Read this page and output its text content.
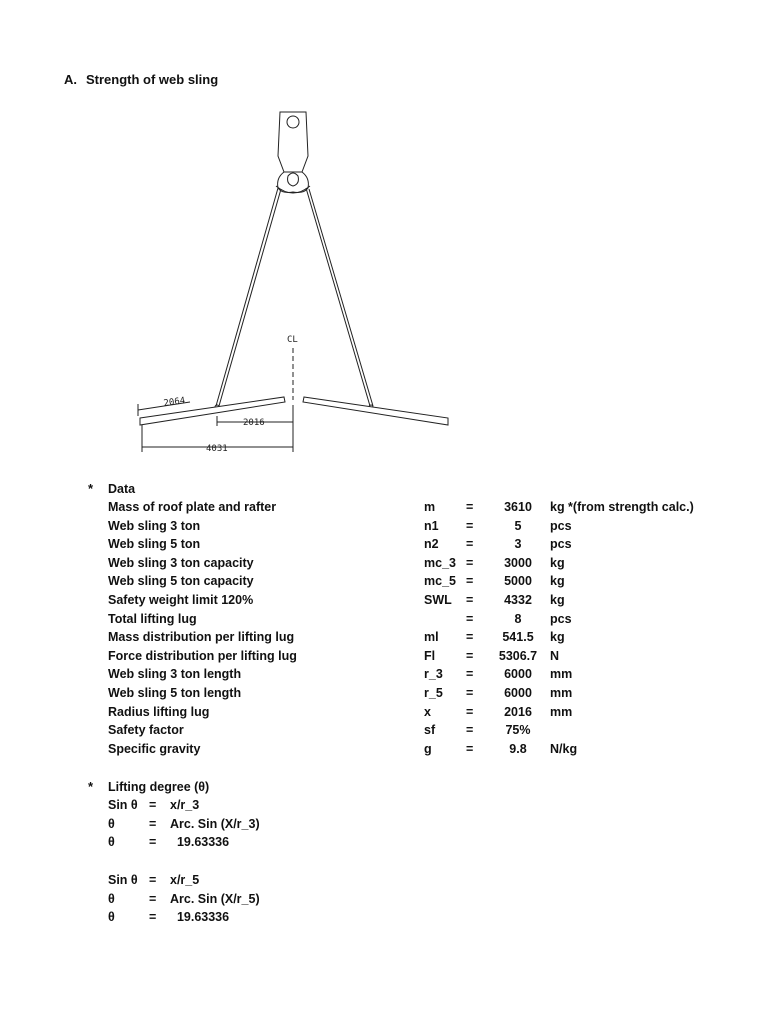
A. Strength of web sling
CL
2064
2016
4031
* Data
Mass of roof plate and rafter	m =	3610	kg *(from strength calc.)
Web sling 3 ton	n1 =	5	pcs
Web sling 5 ton	n2 =	3	pcs
Web sling 3 ton capacity	mc_3 =	3000	kg
Web sling 5 ton capacity	mc_5 =	5000	kg
Safety weight limit 120%	SWL =	4332	kg
Total lifting lug	=	8	pcs
Mass distribution per lifting lug	ml =	541.5	kg
Force distribution per lifting lug	Fl =	5306.7	N
Web sling 3 ton length	r_3 =	6000	mm
Web sling 5 ton length	r_5 =	6000	mm
Radius lifting lug	x	=	2016	mm
Safety factor	sf =	75%
Specific gravity	g	=	9.8	N/kg
* Lifting degree (θ)
Sin θ = x/r_3
θ	= Arc. Sin (X/r_3)
θ	= 19.63336
Sin θ = x/r_5
θ	= Arc. Sin (X/r_5)
θ	= 19.63336
